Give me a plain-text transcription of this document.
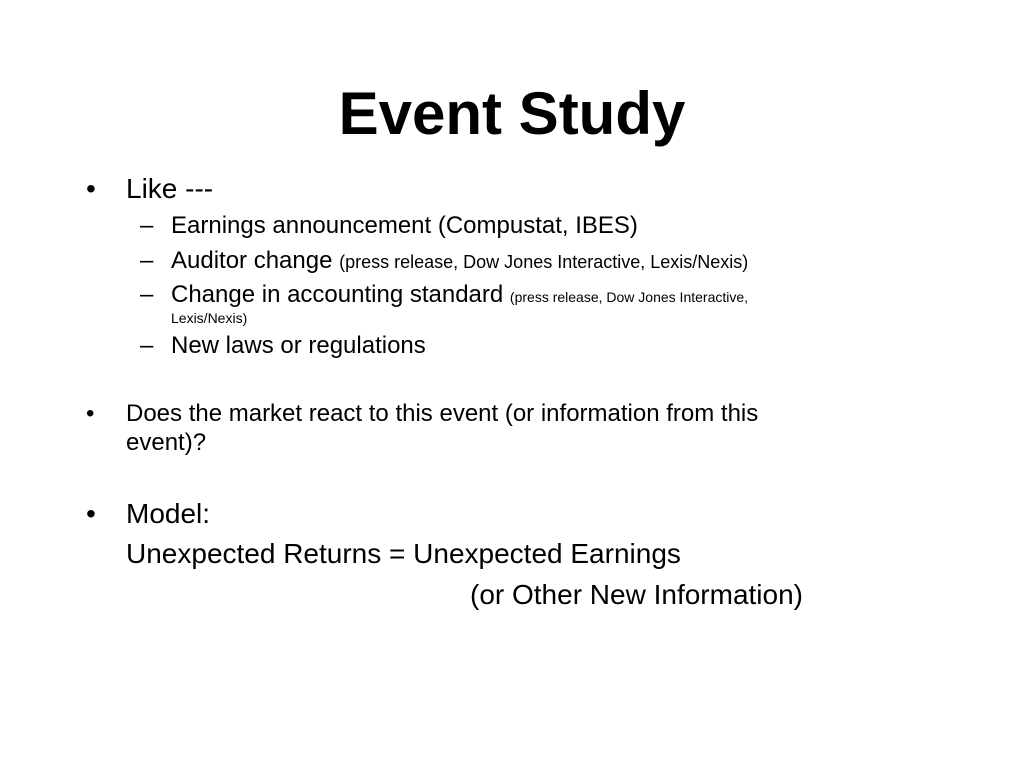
Event Study
• Like ---
– Earnings announcement (Compustat, IBES)
– Auditor change (press release, Dow Jones Interactive, Lexis/Nexis)
– Change in accounting standard (press release, Dow Jones Interactive,
Lexis/Nexis)
– New laws or regulations
• Does the market react to this event (or information from this
event)?
• Model:
Unexpected Returns = Unexpected Earnings
(or Other New Information)
